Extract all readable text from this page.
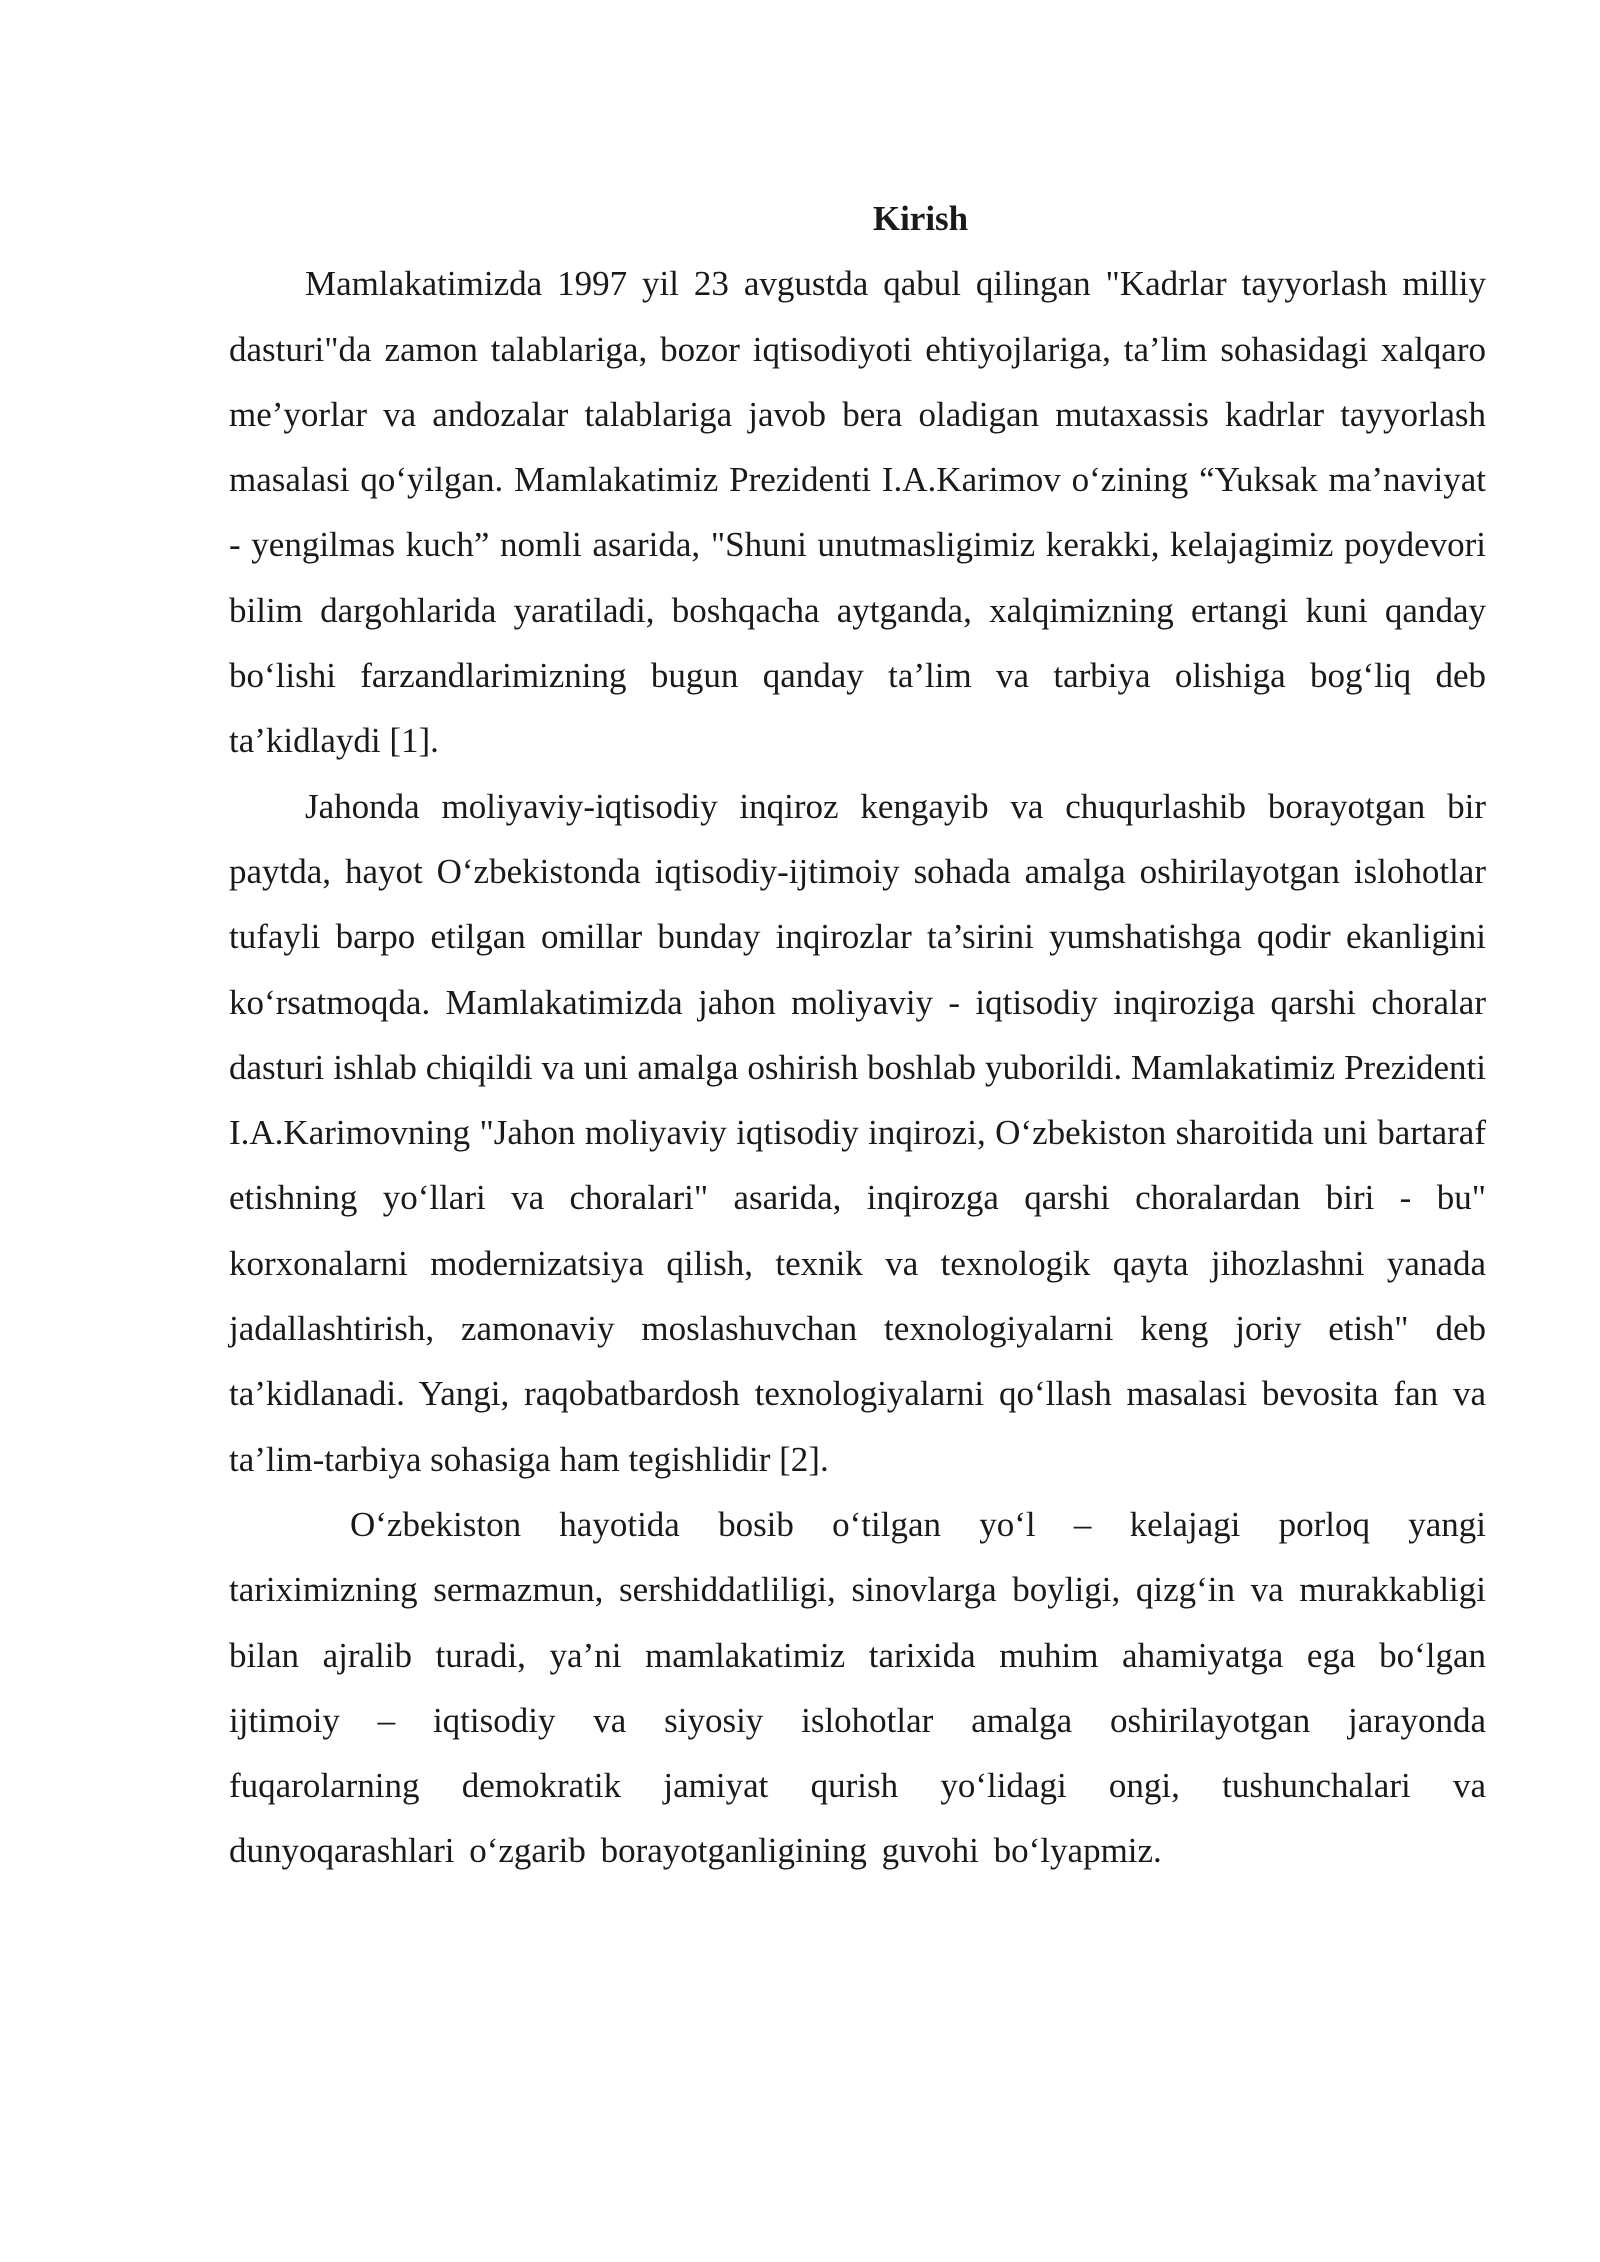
Kirish

Mamlakatimizda 1997 yil 23 avgustda qabul qilingan "Kadrlar tayyorlash milliy dasturi"da zamon talablariga, bozor iqtisodiyoti ehtiyojlariga, ta’lim sohasidagi xalqaro me’yorlar va andozalar talablariga javob bera oladigan mutaxassis kadrlar tayyorlash masalasi qo‘yilgan. Mamlakatimiz Prezidenti I.A.Karimov o‘zining “Yuksak ma’naviyat - yengilmas kuch” nomli asarida, "Shuni unutmasligimiz kerakki, kelajagimiz poydevori bilim dargohlarida yaratiladi, boshqacha aytganda, xalqimizning ertangi kuni qanday bo‘lishi farzandlarimizning bugun qanday ta’lim va tarbiya olishiga bog‘liq deb ta’kidlaydi [1].

Jahonda moliyaviy-iqtisodiy inqiroz kengayib va chuqurlashib borayotgan bir paytda, hayot O‘zbekistonda iqtisodiy-ijtimoiy sohada amalga oshirilayotgan islohotlar tufayli barpo etilgan omillar bunday inqirozlar ta’sirini yumshatishga qodir ekanligini ko‘rsatmoqda. Mamlakatimizda jahon moliyaviy - iqtisodiy inqiroziga qarshi choralar dasturi ishlab chiqildi va uni amalga oshirish boshlab yuborildi. Mamlakatimiz Prezidenti I.A.Karimovning "Jahon moliyaviy iqtisodiy inqirozi, O‘zbekiston sharoitida uni bartaraf etishning yo‘llari va choralari" asarida, inqirozga qarshi choralardan biri - bu" korxonalarni modernizatsiya qilish, texnik va texnologik qayta jihozlashni yanada jadallashtirish, zamonaviy moslashuvchan texnologiyalarni keng joriy etish" deb ta’kidlanadi. Yangi, raqobatbardosh texnologiyalarni qo‘llash masalasi bevosita fan va ta’lim-tarbiya sohasiga ham tegishlidir [2].

O‘zbekiston hayotida bosib o‘tilgan yo‘l – kelajagi porloq yangi tariximizning sermazmun, sershiddatliligi, sinovlarga boyligi, qizg‘in va murakkabligi bilan ajralib turadi, ya’ni mamlakatimiz tarixida muhim ahamiyatga ega bo‘lgan ijtimoiy – iqtisodiy va siyosiy islohotlar amalga oshirilayotgan jarayonda fuqarolarning demokratik jamiyat qurish yo‘lidagi ongi, tushunchalari va dunyoqarashlari o‘zgarib borayotganligining guvohi bo‘lyapmiz.
